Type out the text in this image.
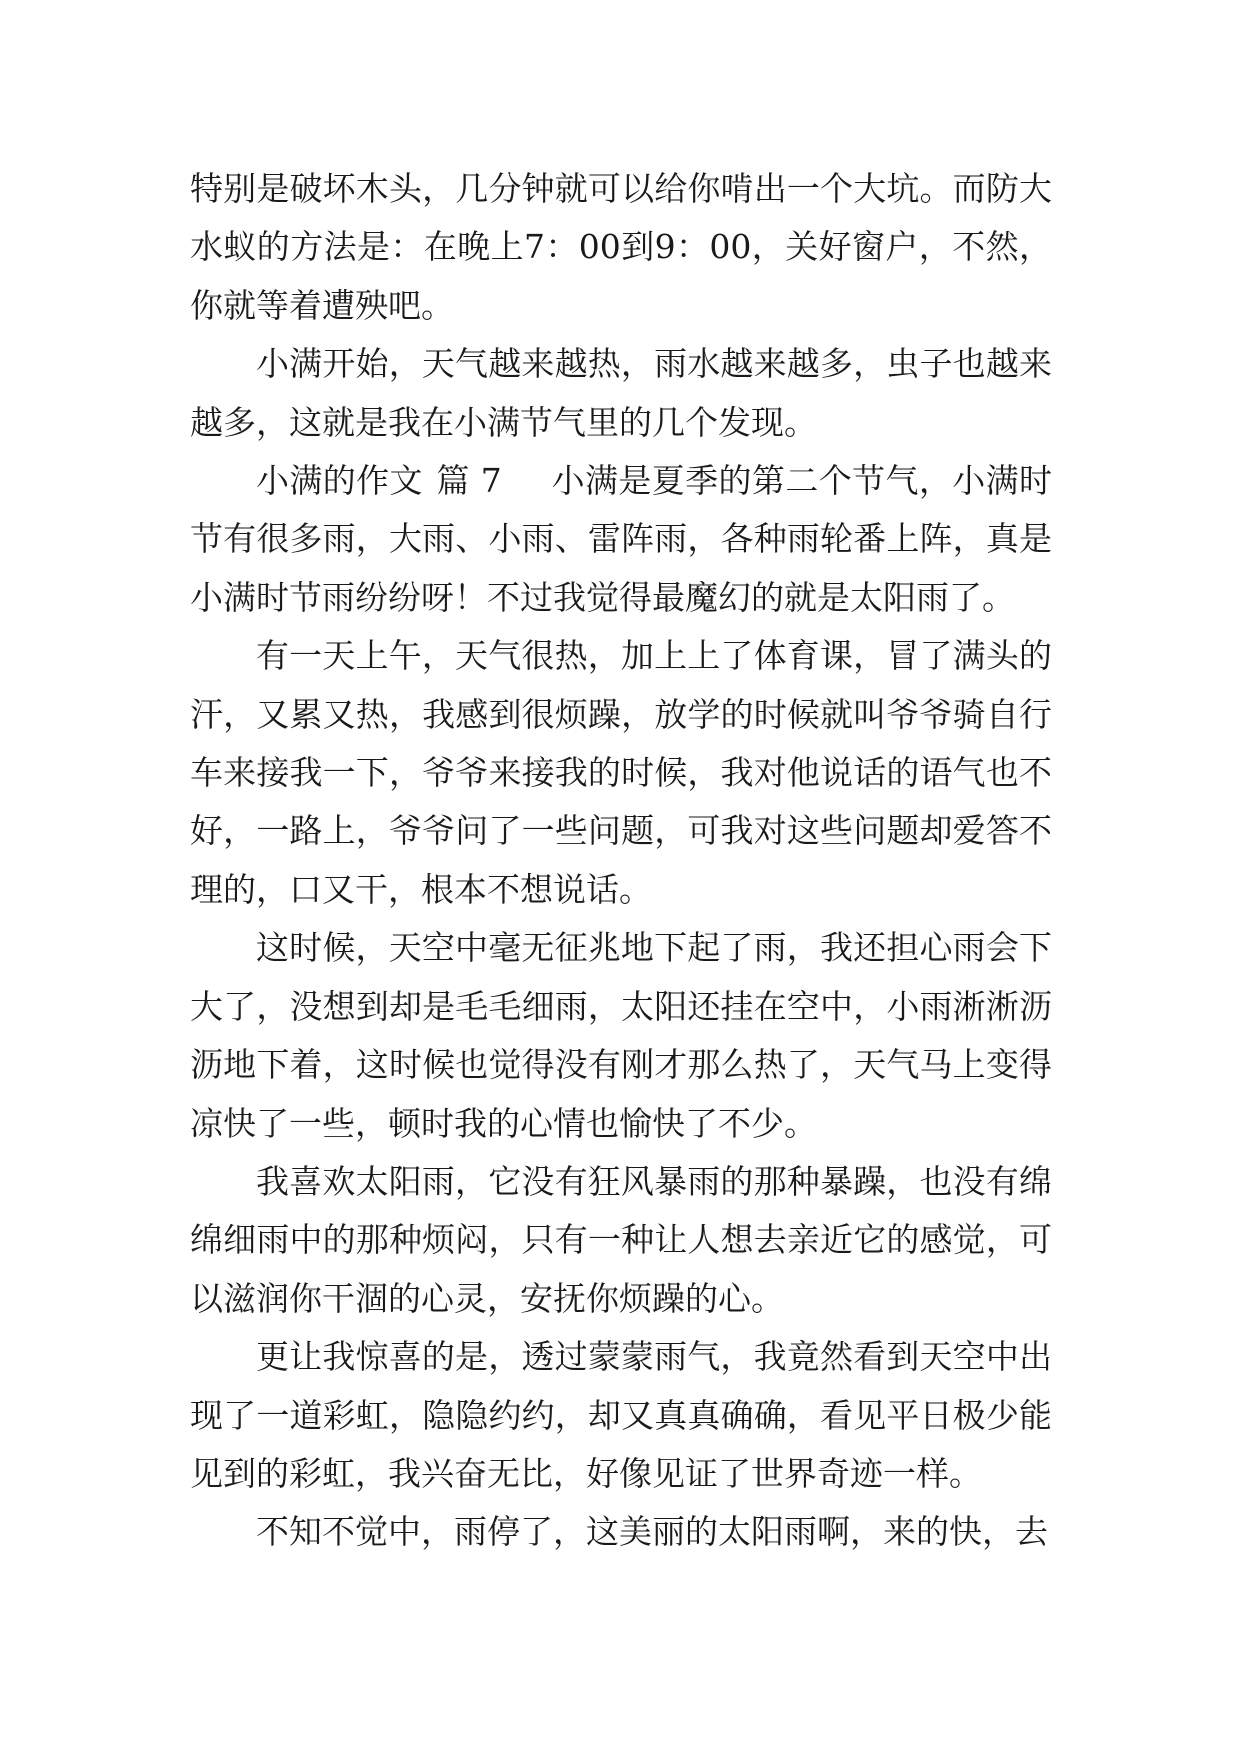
特别是破坏木头，几分钟就可以给你啃出一个大坑。而防大水蚁的方法是：在晚上7：00到9：00，关好窗户，不然，你就等着遭殃吧。

小满开始，天气越来越热，雨水越来越多，虫子也越来越多，这就是我在小满节气里的几个发现。

小满的作文 篇 7 小满是夏季的第二个节气，小满时节有很多雨，大雨、小雨、雷阵雨，各种雨轮番上阵，真是小满时节雨纷纷呀！不过我觉得最魔幻的就是太阳雨了。

有一天上午，天气很热，加上上了体育课，冒了满头的汗，又累又热，我感到很烦躁，放学的时候就叫爷爷骑自行车来接我一下，爷爷来接我的时候，我对他说话的语气也不好，一路上，爷爷问了一些问题，可我对这些问题却爱答不理的，口又干，根本不想说话。

这时候，天空中毫无征兆地下起了雨，我还担心雨会下大了，没想到却是毛毛细雨，太阳还挂在空中，小雨淅淅沥沥地下着，这时候也觉得没有刚才那么热了，天气马上变得凉快了一些，顿时我的心情也愉快了不少。

我喜欢太阳雨，它没有狂风暴雨的那种暴躁，也没有绵绵细雨中的那种烦闷，只有一种让人想去亲近它的感觉，可以滋润你干涸的心灵，安抚你烦躁的心。

更让我惊喜的是，透过蒙蒙雨气，我竟然看到天空中出现了一道彩虹，隐隐约约，却又真真确确，看见平日极少能见到的彩虹，我兴奋无比，好像见证了世界奇迹一样。

不知不觉中，雨停了，这美丽的太阳雨啊，来的快，去
